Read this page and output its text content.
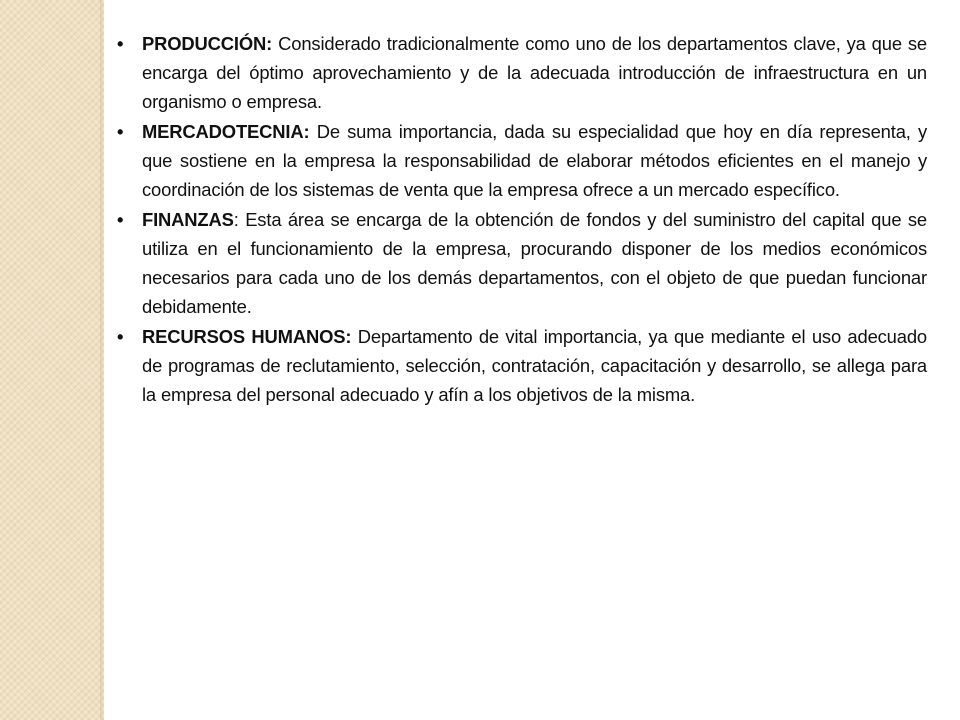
• PRODUCCIÓN: Considerado tradicionalmente como uno de los departamentos clave, ya que se encarga del óptimo aprovechamiento y de la adecuada introducción de infraestructura en un organismo o empresa.
• MERCADOTECNIA: De suma importancia, dada su especialidad que hoy en día representa, y que sostiene en la empresa la responsabilidad de elaborar métodos eficientes en el manejo y coordinación de los sistemas de venta que la empresa ofrece a un mercado específico.
• FINANZAS: Esta área se encarga de la obtención de fondos y del suministro del capital que se utiliza en el funcionamiento de la empresa, procurando disponer de los medios económicos necesarios para cada uno de los demás departamentos, con el objeto de que puedan funcionar debidamente.
• RECURSOS HUMANOS: Departamento de vital importancia, ya que mediante el uso adecuado de programas de reclutamiento, selección, contratación, capacitación y desarrollo, se allega para la empresa del personal adecuado y afín a los objetivos de la misma.
